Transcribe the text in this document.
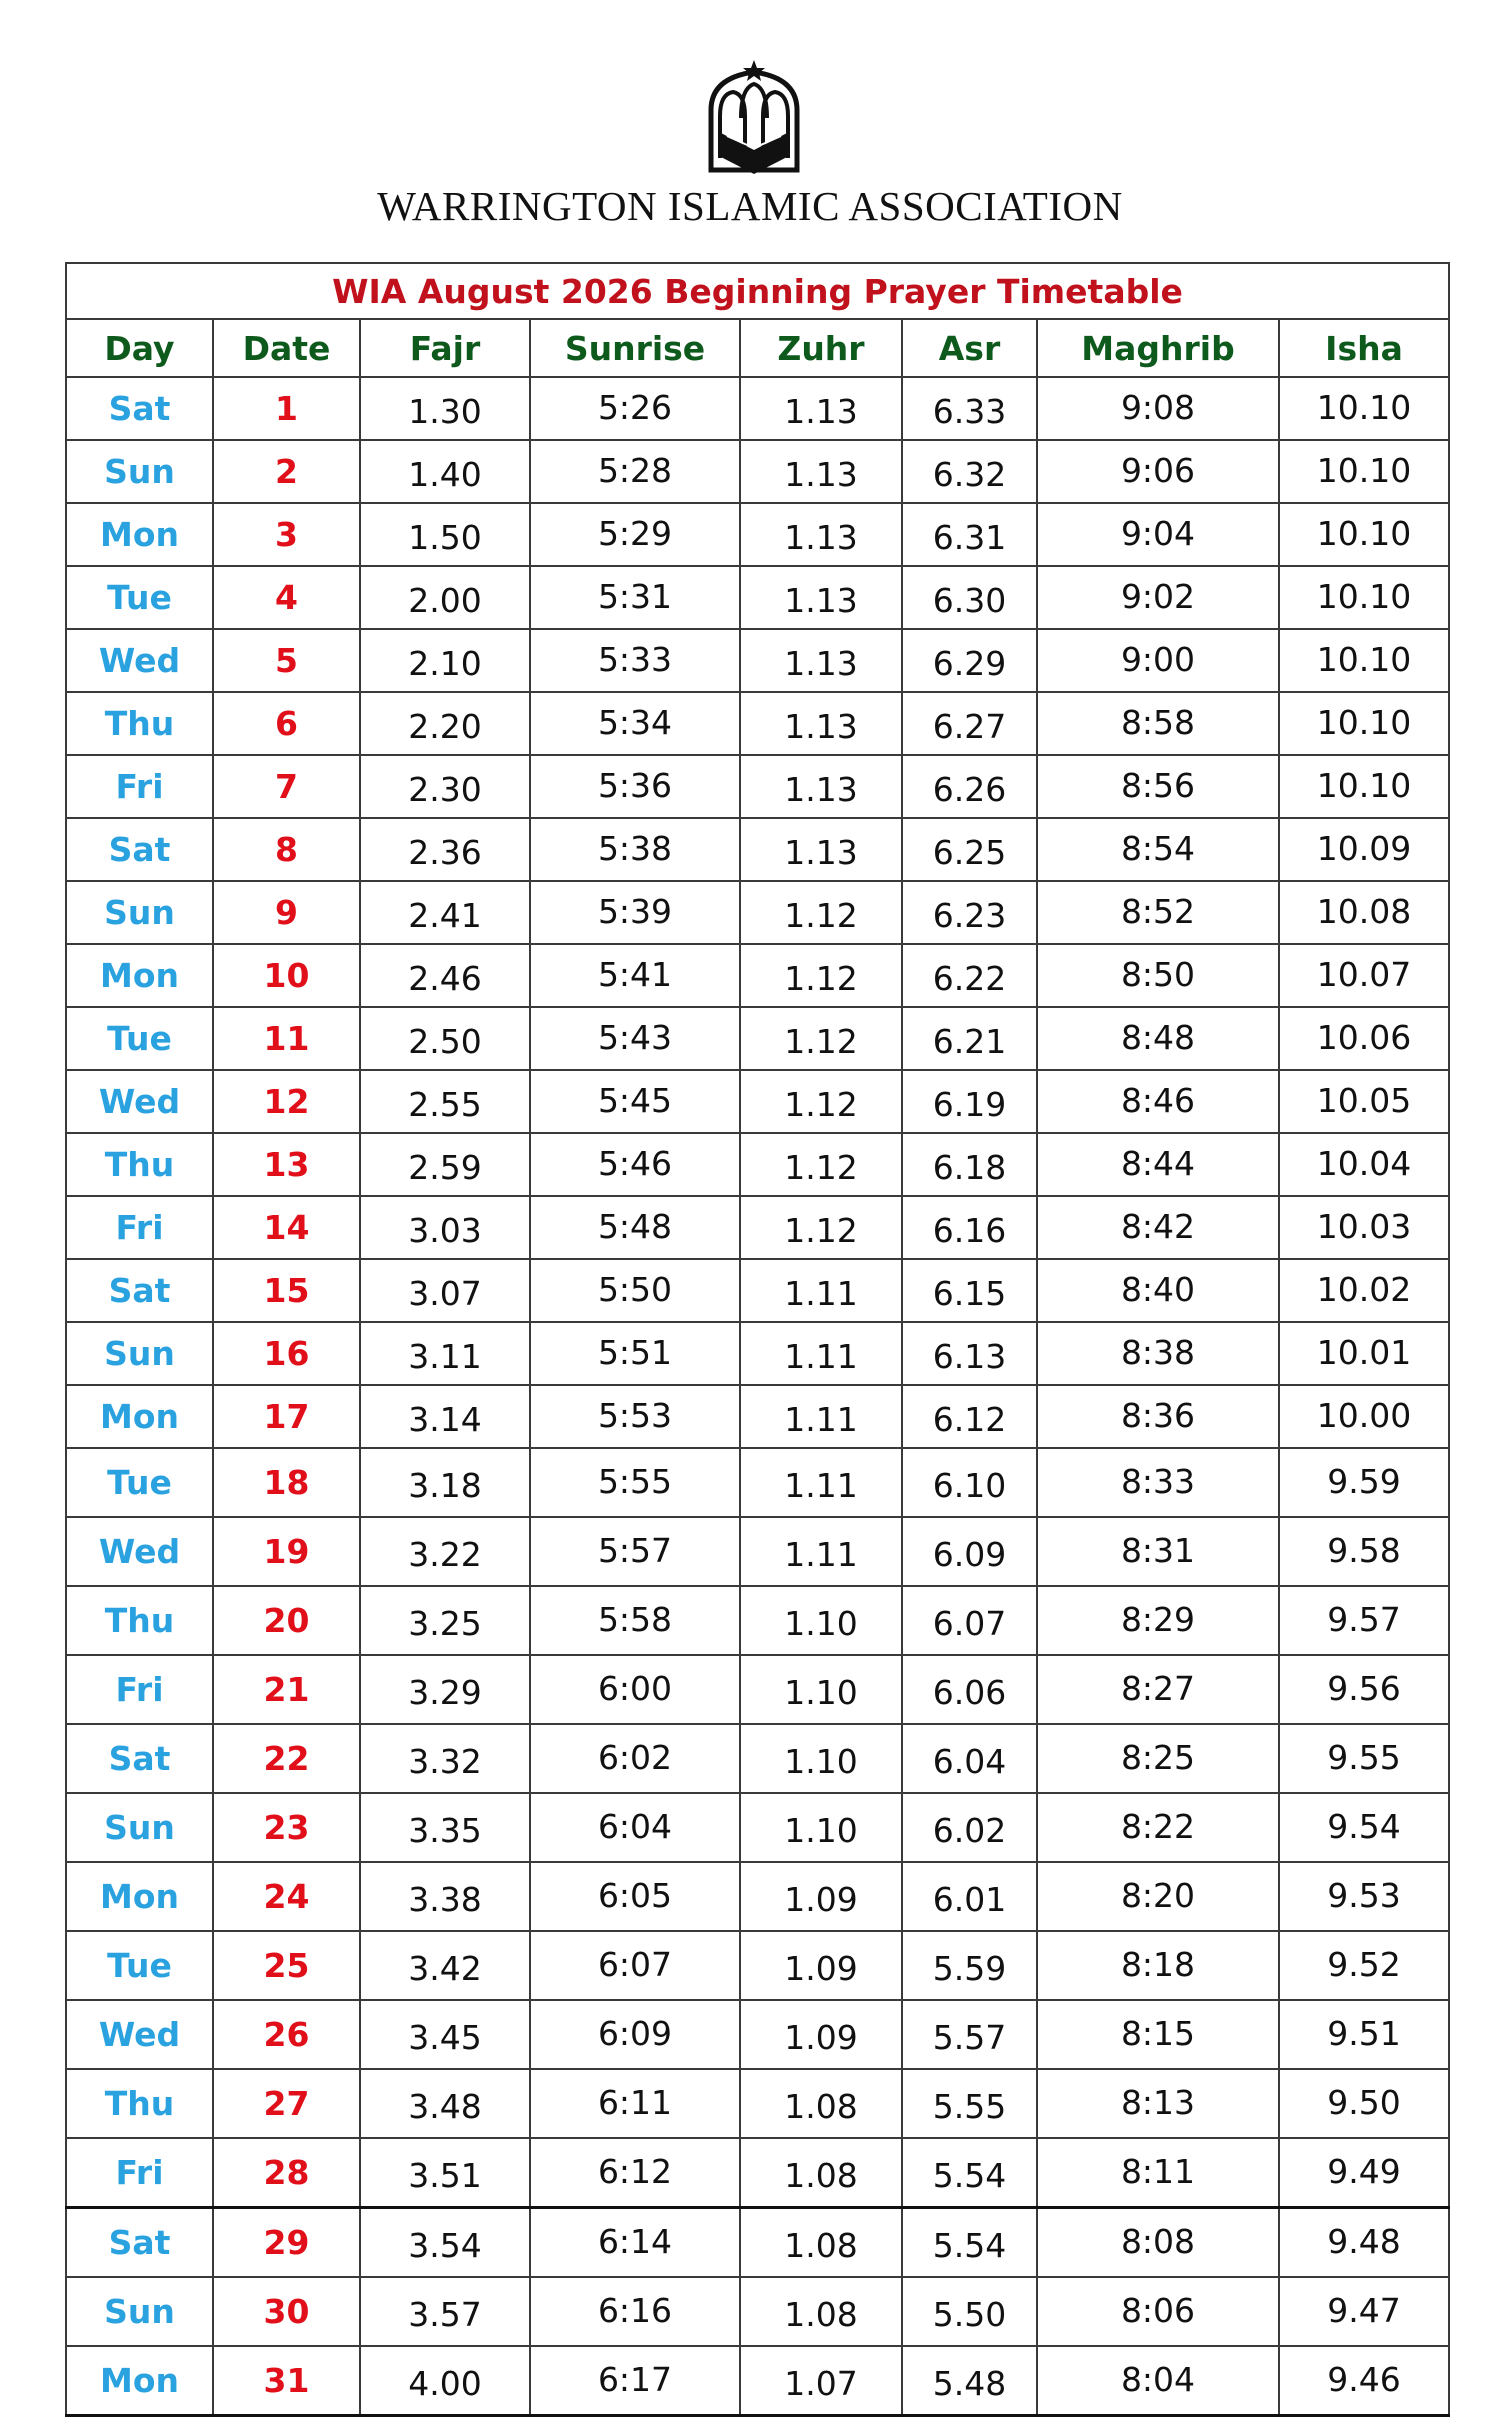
WARRINGTON ISLAMIC ASSOCIATION
WIA August 2026 Beginning Prayer Timetable							
Day	Date	Fajr	Sunrise	Zuhr	Asr	Maghrib	Isha
Sat	1	1.30	5:26	1.13	6.33	9:08	10.10
Sun	2	1.40	5:28	1.13	6.32	9:06	10.10
Mon	3	1.50	5:29	1.13	6.31	9:04	10.10
Tue	4	2.00	5:31	1.13	6.30	9:02	10.10
Wed	5	2.10	5:33	1.13	6.29	9:00	10.10
Thu	6	2.20	5:34	1.13	6.27	8:58	10.10
Fri	7	2.30	5:36	1.13	6.26	8:56	10.10
Sat	8	2.36	5:38	1.13	6.25	8:54	10.09
Sun	9	2.41	5:39	1.12	6.23	8:52	10.08
Mon	10	2.46	5:41	1.12	6.22	8:50	10.07
Tue	11	2.50	5:43	1.12	6.21	8:48	10.06
Wed	12	2.55	5:45	1.12	6.19	8:46	10.05
Thu	13	2.59	5:46	1.12	6.18	8:44	10.04
Fri	14	3.03	5:48	1.12	6.16	8:42	10.03
Sat	15	3.07	5:50	1.11	6.15	8:40	10.02
Sun	16	3.11	5:51	1.11	6.13	8:38	10.01
Mon	17	3.14	5:53	1.11	6.12	8:36	10.00
Tue	18	3.18	5:55	1.11	6.10	8:33	9.59
Wed	19	3.22	5:57	1.11	6.09	8:31	9.58
Thu	20	3.25	5:58	1.10	6.07	8:29	9.57
Fri	21	3.29	6:00	1.10	6.06	8:27	9.56
Sat	22	3.32	6:02	1.10	6.04	8:25	9.55
Sun	23	3.35	6:04	1.10	6.02	8:22	9.54
Mon	24	3.38	6:05	1.09	6.01	8:20	9.53
Tue	25	3.42	6:07	1.09	5.59	8:18	9.52
Wed	26	3.45	6:09	1.09	5.57	8:15	9.51
Thu	27	3.48	6:11	1.08	5.55	8:13	9.50
Fri	28	3.51	6:12	1.08	5.54	8:11	9.49
Sat	29	3.54	6:14	1.08	5.54	8:08	9.48
Sun	30	3.57	6:16	1.08	5.50	8:06	9.47
Mon	31	4.00	6:17	1.07	5.48	8:04	9.46
